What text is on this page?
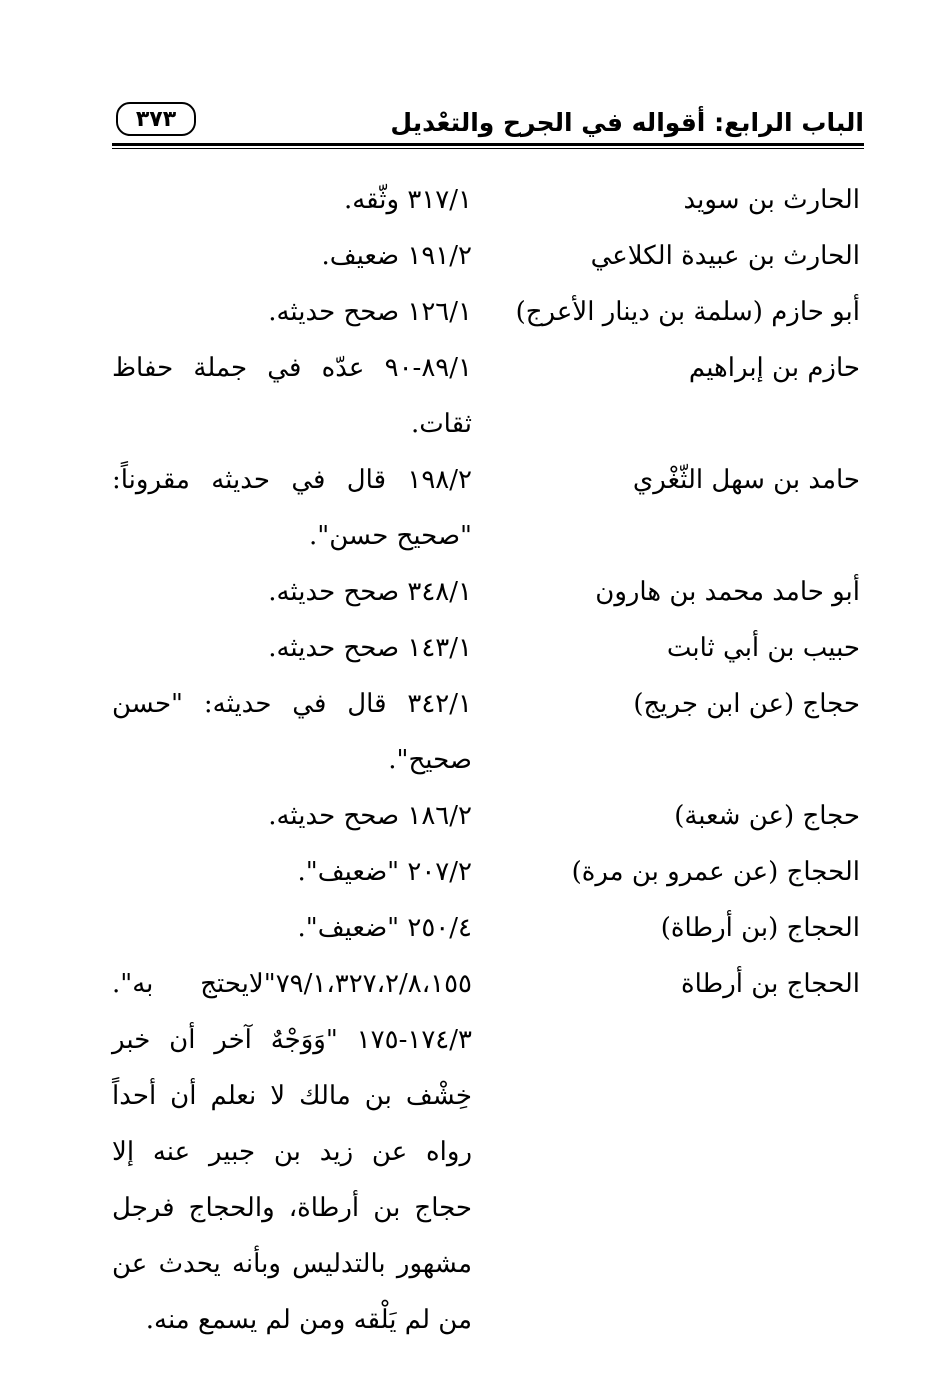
الباب الرابع: أقواله في الجرح والتعْديل
٣٧٣
الحارث بن سويد
٣١٧/١ وثّقه.
الحارث بن عبيدة الكلاعي
١٩١/٢ ضعيف.
أبو حازم (سلمة بن دينار الأعرج)
١٢٦/١ صحح حديثه.
حازم بن إبراهيم
٨٩/١-٩٠ عدّه في جملة حفاظ ثقات.
حامد بن سهل الثّغْري
١٩٨/٢ قال في حديثه مقروناً: "صحيح حسن".
أبو حامد محمد بن هارون
٣٤٨/١ صحح حديثه.
حبيب بن أبي ثابت
١٤٣/١ صحح حديثه.
حجاج (عن ابن جريج)
٣٤٢/١ قال في حديثه: "حسن صحيح".
حجاج (عن شعبة)
١٨٦/٢ صحح حديثه.
الحجاج (عن عمرو بن مرة)
٢٠٧/٢ "ضعيف".
الحجاج (بن أرطاة)
٢٥٠/٤ "ضعيف".
الحجاج بن أرطاة
٧٩/١،٣٢٧،٢/٨،١٥٥"لايحتج به". ١٧٤/٣-١٧٥ "وَوَجْهٌ آخر أن خبر خِشْف بن مالك لا نعلم أن أحداً رواه عن زيد بن جبير عنه إلا حجاج بن أرطاة، والحجاج فرجل مشهور بالتدليس وبأنه يحدث عن من لم يَلْقه ومن لم يسمع منه.
